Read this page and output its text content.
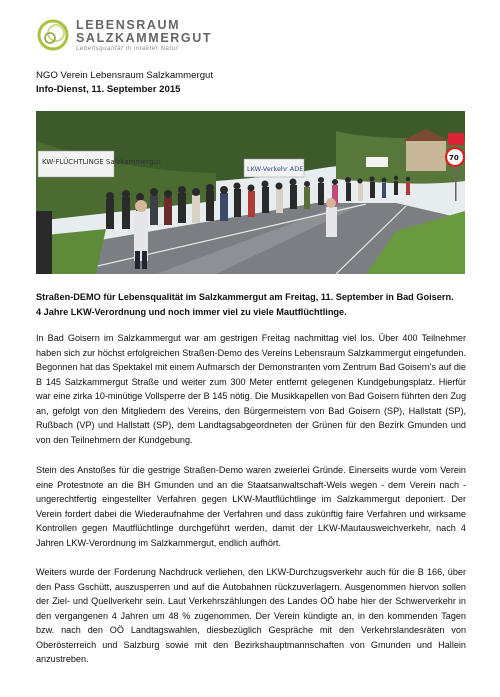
LEBENSRAUM
SALZKAMMERGUT
Lebensqualität in intakter Natur
NGO Verein Lebensraum Salzkammergut
Info-Dienst, 11. September 2015
KW-FLÜCHTLINGE Salzkammergut
LKW-Verkehr ADE
70
Straßen-DEMO für Lebensqualität im Salzkammergut am Freitag, 11. September in Bad Goisern.
4 Jahre LKW-Verordnung und noch immer viel zu viele Mautflüchtlinge.
In Bad Goisern im Salzkammergut war am gestrigen Freitag nachmittag viel los. Über 400 Teilnehmer haben sich zur höchst erfolgreichen Straßen-Demo des Vereins Lebensraum Salzkammergut eingefunden. Begonnen hat das Spektakel mit einem Aufmarsch der Demonstranten vom Zentrum Bad Goisern's auf die B 145 Salzkammergut Straße und weiter zum 300 Meter entfernt gelegenen Kundgebungsplatz. Hierfür war eine zirka 10-minütige Vollsperre der B 145 nötig. Die Musikkapellen von Bad Goisern führten den Zug an, gefolgt von den Mitgliedern des Vereins, den Bürgermeistern von Bad Goisern (SP), Hallstatt (SP), Rußbach (VP) und Hallstatt (SP), dem Landtagsabgeordneten der Grünen für den Bezirk Gmunden und von den Teilnehmern der Kundgebung.
Stein des Anstoßes für die gestrige Straßen-Demo waren zweierlei Gründe. Einerseits wurde vom Verein eine Protestnote an die BH Gmunden und an die Staatsanwaltschaft-Wels wegen - dem Verein nach - ungerechtfertig eingestellter Verfahren gegen LKW-Mautflüchtlinge im Salzkammergut deponiert. Der Verein fordert dabei die Wiederaufnahme der Verfahren und dass zukünftig faire Verfahren und wirksame Kontrollen gegen Mautflüchtlinge durchgeführt werden, damit der LKW-Mautausweichverkehr, nach 4 Jahren LKW-Verordnung im Salzkammergut, endlich aufhört.
Weiters wurde der Forderung Nachdruck verliehen, den LKW-Durchzugsverkehr auch für die B 166, über den Pass Gschütt, auszusperren und auf die Autobahnen rückzuverlagern. Ausgenommen hiervon sollen der Ziel- und Quellverkehr sein. Laut Verkehrszählungen des Landes OÖ habe hier der Schwerverkehr in den vergangenen 4 Jahren um 48 % zugenommen. Der Verein kündigte an, in den kommenden Tagen bzw. nach den OÖ Landtagswahlen, diesbezüglich Gespräche mit den Verkehrslandesräten von Oberösterreich und Salzburg sowie mit den Bezirkshauptmannschaften von Gmunden und Hallein anzustreben.
